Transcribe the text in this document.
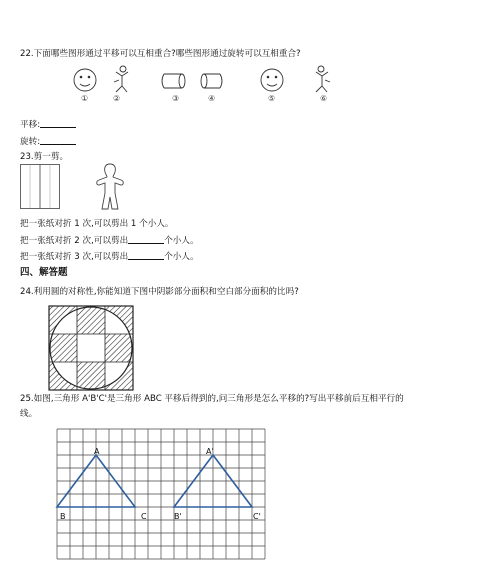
22.下面哪些图形通过平移可以互相重合?哪些图形通过旋转可以互相重合?
①	②	③	④	⑤	⑥
平移:
旋转:
23.剪一剪。
把一张纸对折 1 次,可以剪出 1 个小人。
把一张纸对折 2 次,可以剪出	个小人。
把一张纸对折 3 次,可以剪出	个小人。
四、解答题
24.利用圆的对称性,你能知道下图中阴影部分面积和空白部分面积的比吗?
25.如图,三角形 A'B'C'是三角形 ABC 平移后得到的,问三角形是怎么平移的?写出平移前后互相平行的
线。
A
B	C
A'
B'	C'
